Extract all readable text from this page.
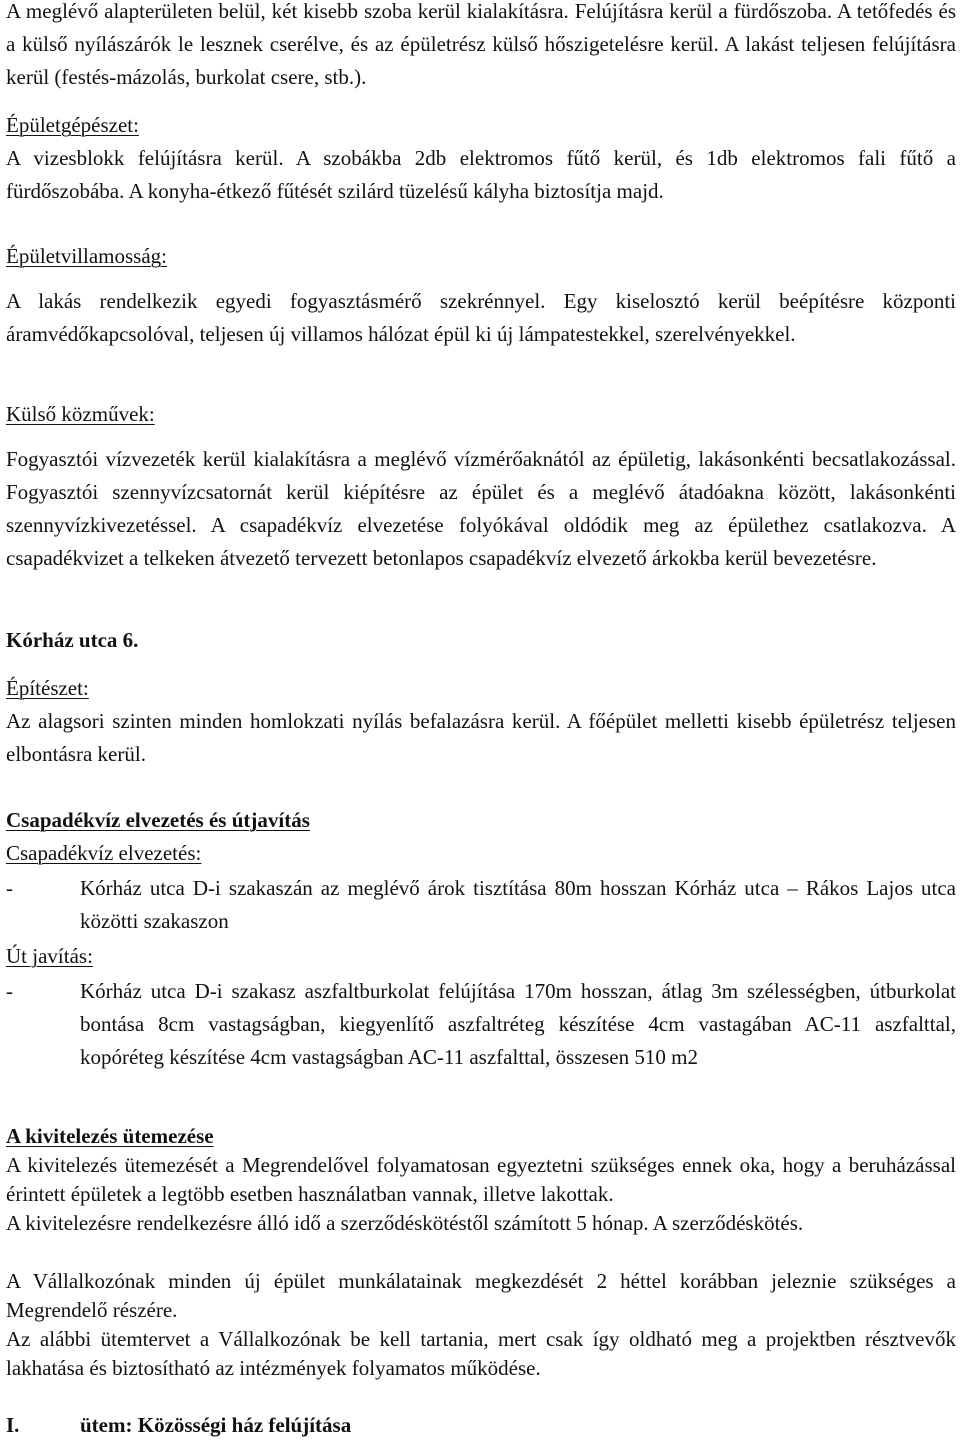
A meglévő alapterületen belül, két kisebb szoba kerül kialakításra. Felújításra kerül a fürdőszoba. A tetőfedés és a külső nyílászárók le lesznek cserélve, és az épületrész külső hőszigetelésre kerül. A lakást teljesen felújításra kerül (festés-mázolás, burkolat csere, stb.).
Épületgépészet:
A vizesblokk felújításra kerül. A szobákba 2db elektromos fűtő kerül, és 1db elektromos fali fűtő a fürdőszobába. A konyha-étkező fűtését szilárd tüzelésű kályha biztosítja majd.
Épületvillamosság:
A lakás rendelkezik egyedi fogyasztásmérő szekrénnyel. Egy kiselosztó kerül beépítésre központi áramvédőkapcsolóval, teljesen új villamos hálózat épül ki új lámpatestekkel, szerelvényekkel.
Külső közművek:
Fogyasztói vízvezeték kerül kialakításra a meglévő vízmérőaknától az épületig, lakásonkénti becsatlakozással. Fogyasztói szennyvízcsatornát kerül kiépítésre az épület és a meglévő átadóakna között, lakásonkénti szennyvízkivezetéssel. A csapadékvíz elvezetése folyókával oldódik meg az épülethez csatlakozva. A csapadékvizet a telkeken átvezető tervezett betonlapos csapadékvíz elvezető árkokba kerül bevezetésre.
Kórház utca 6.
Építészet:
Az alagsori szinten minden homlokzati nyílás befalazásra kerül. A főépület melletti kisebb épületrész teljesen elbontásra kerül.
Csapadékvíz elvezetés és útjavítás
Csapadékvíz elvezetés:
-	Kórház utca D-i szakaszán az meglévő árok tisztítása 80m hosszan Kórház utca – Rákos Lajos utca közötti szakaszon
Út javítás:
-	Kórház utca D-i szakasz aszfaltburkolat felújítása 170m hosszan, átlag 3m szélességben, útburkolat bontása 8cm vastagságban, kiegyenlítő aszfaltréteg készítése 4cm vastagában AC-11 aszfalttal, kopóréteg készítése 4cm vastagságban AC-11 aszfalttal, összesen 510 m2
A kivitelezés ütemezése
A kivitelezés ütemezését a Megrendelővel folyamatosan egyeztetni szükséges ennek oka, hogy a beruházással érintett épületek a legtöbb esetben használatban vannak, illetve lakottak.
A kivitelezésre rendelkezésre álló idő a szerződéskötéstől számított 5 hónap. A szerződéskötés.
A Vállalkozónak minden új épület munkálatainak megkezdését 2 héttel korábban jeleznie szükséges a Megrendelő részére.
Az alábbi ütemtervet a Vállalkozónak be kell tartania, mert csak így oldható meg a projektben résztvevők lakhatása és biztosítható az intézmények folyamatos működése.
I.	ütem: Közösségi ház felújítása
